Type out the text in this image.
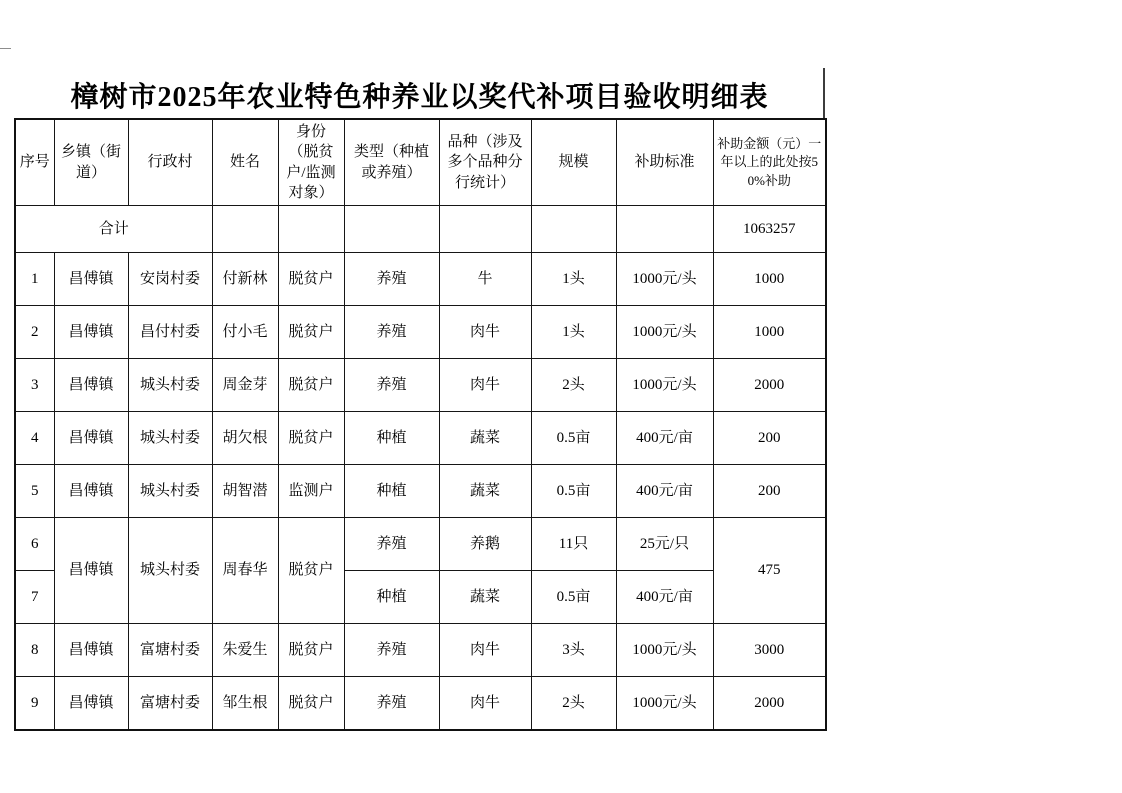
樟树市2025年农业特色种养业以奖代补项目验收明细表
序号	乡镇（街道）	行政村	姓名	身份（脱贫户/监测对象）	类型（种植或养殖）	品种（涉及多个品种分行统计）	规模	补助标准	补助金额（元）一年以上的此处按50%补助
合计									1063257
1	昌傅镇	安岗村委	付新林	脱贫户	养殖	牛	1头	1000元/头	1000
2	昌傅镇	昌付村委	付小毛	脱贫户	养殖	肉牛	1头	1000元/头	1000
3	昌傅镇	城头村委	周金芽	脱贫户	养殖	肉牛	2头	1000元/头	2000
4	昌傅镇	城头村委	胡欠根	脱贫户	种植	蔬菜	0.5亩	400元/亩	200
5	昌傅镇	城头村委	胡智潜	监测户	种植	蔬菜	0.5亩	400元/亩	200
6	昌傅镇	城头村委	周春华	脱贫户	养殖	养鹅	11只	25元/只	475
7					种植	蔬菜	0.5亩	400元/亩	
8	昌傅镇	富塘村委	朱爱生	脱贫户	养殖	肉牛	3头	1000元/头	3000
9	昌傅镇	富塘村委	邹生根	脱贫户	养殖	肉牛	2头	1000元/头	2000
